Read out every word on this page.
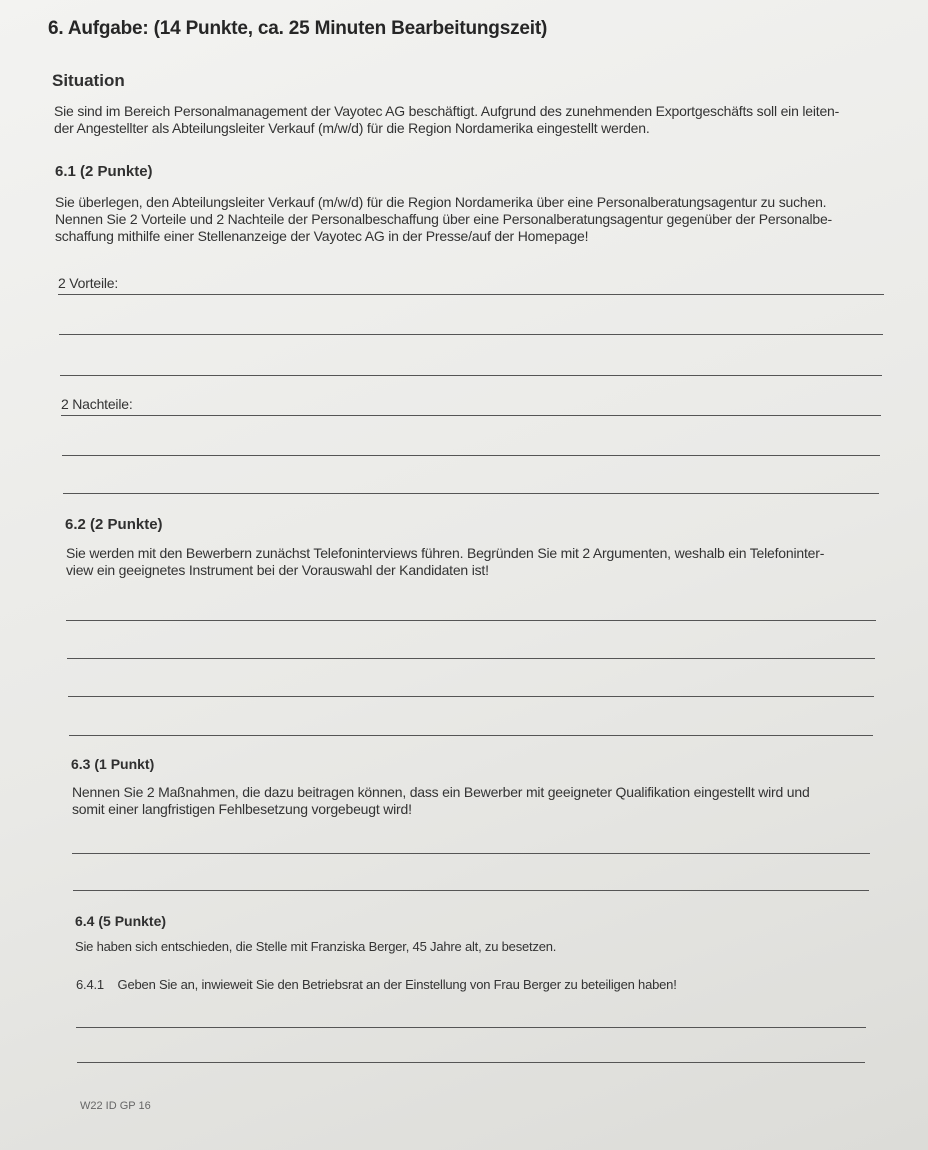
6. Aufgabe: (14 Punkte, ca. 25 Minuten Bearbeitungszeit)
Situation

Sie sind im Bereich Personalmanagement der Vayotec AG beschäftigt. Aufgrund des zunehmenden Exportgeschäfts soll ein leiten-

der Angestellter als Abteilungsleiter Verkauf (m/w/d) für die Region Nordamerika eingestellt werden.

6.1 (2 Punkte)

Sie überlegen, den Abteilungsleiter Verkauf (m/w/d) für die Region Nordamerika über eine Personalberatungsagentur zu suchen.

Nennen Sie 2 Vorteile und 2 Nachteile der Personalbeschaffung über eine Personalberatungsagentur gegenüber der Personalbe-

schaffung mithilfe einer Stellenanzeige der Vayotec AG in der Presse/auf der Homepage!

2 Vorteile:
2 Nachteile:
6.2 (2 Punkte)

Sie werden mit den Bewerbern zunächst Telefoninterviews führen. Begründen Sie mit 2 Argumenten, weshalb ein Telefoninter-

view ein geeignetes Instrument bei der Vorauswahl der Kandidaten ist!

6.3 (1 Punkt)

Nennen Sie 2 Maßnahmen, die dazu beitragen können, dass ein Bewerber mit geeigneter Qualifikation eingestellt wird und

somit einer langfristigen Fehlbesetzung vorgebeugt wird!

6.4 (5 Punkte)
Sie haben sich entschieden, die Stelle mit Franziska Berger, 45 Jahre alt, zu besetzen.
6.4.1    Geben Sie an, inwieweit Sie den Betriebsrat an der Einstellung von Frau Berger zu beteiligen haben!
W22 ID GP 16
